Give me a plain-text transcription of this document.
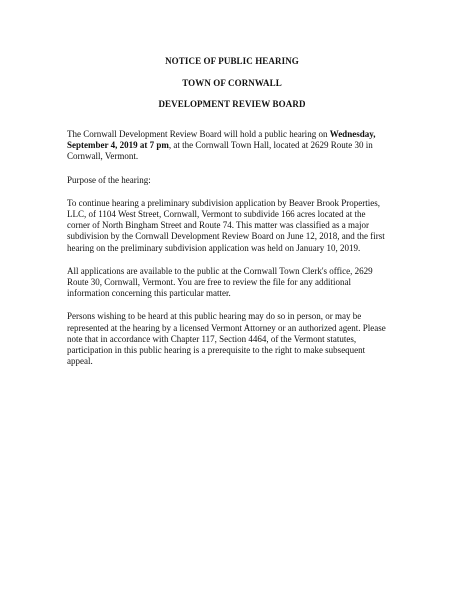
NOTICE OF PUBLIC HEARING
TOWN OF CORNWALL
DEVELOPMENT REVIEW BOARD
The Cornwall Development Review Board will hold a public hearing on Wednesday,
September 4, 2019 at 7 pm, at the Cornwall Town Hall, located at 2629 Route 30 in
Cornwall, Vermont.
Purpose of the hearing:
To continue hearing a preliminary subdivision application by Beaver Brook Properties,
LLC, of 1104 West Street, Cornwall, Vermont to subdivide 166 acres located at the
corner of North Bingham Street and Route 74. This matter was classified as a major
subdivision by the Cornwall Development Review Board on June 12, 2018, and the first
hearing on the preliminary subdivision application was held on January 10, 2019.
All applications are available to the public at the Cornwall Town Clerk's office, 2629
Route 30, Cornwall, Vermont. You are free to review the file for any additional
information concerning this particular matter.
Persons wishing to be heard at this public hearing may do so in person, or may be
represented at the hearing by a licensed Vermont Attorney or an authorized agent. Please
note that in accordance with Chapter 117, Section 4464, of the Vermont statutes,
participation in this public hearing is a prerequisite to the right to make subsequent
appeal.
